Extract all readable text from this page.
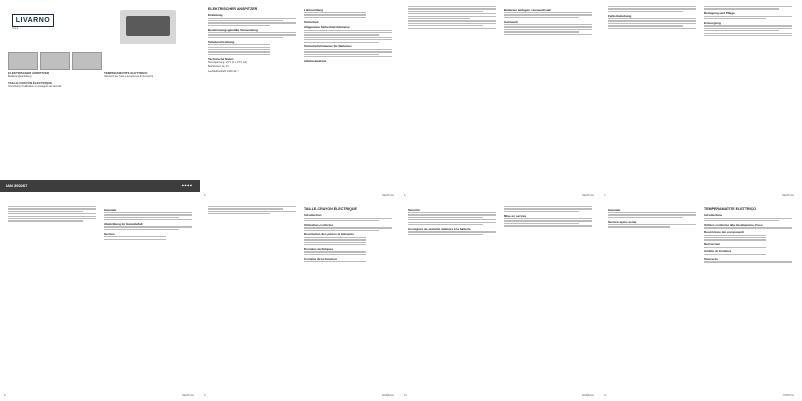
LIVARNO
home
ELEKTRISCHER ANSPITZER
Bedienungsanleitung

TAILLE-CRAYON ÉLECTRIQUE
Instructions d'utilisation et consignes de sécurité
TEMPERAMATITE ELETTRICO
Istruzioni per l'uso e avvertenze di sicurezza
IAN 300267	◆ ◆ ◆ ◆
ELEKTRISCHER ANSPITZER
Einleitung
Bestimmungsgemäße Verwendung
Teilebeschreibung
Technische Daten
Nennspannung: 4,5 V (3 x 1,5 V, AA)
Betriebszeit: ca. 4 h
Leerlaufdrehzahl: 1000 min⁻¹
Lieferumfang
Sicherheit
Allgemeine Sicherheitshinweise
Sicherheitshinweise für Batterien
Inbetriebnahme
5	DE/AT/CH
Batterien einlegen / auswechseln
Gebrauch
6	DE/AT/CH
Fehlerbehebung
Reinigung und Pflege
Entsorgung
7	DE/AT/CH
Garantie
Abwicklung im Garantiefall
Service
8	DE/AT/CH
TAILLE-CRAYON ÉLECTRIQUE
Introduction
Utilisation conforme
Description des pièces et éléments
Données techniques
Contenu de la livraison
9	FR/BE/CH
Sécurité
Consignes de sécurité relatives à la batterie
Mise en service
10	FR/BE/CH
Garantie
Service après-vente
TEMPERAMATITE ELETTRICO
Introduzione
Utilizzo conforme alla destinazione d'uso
Descrizione dei componenti
Dati tecnici
Ambito di fornitura
Sicurezza
11	IT/MT/CH
